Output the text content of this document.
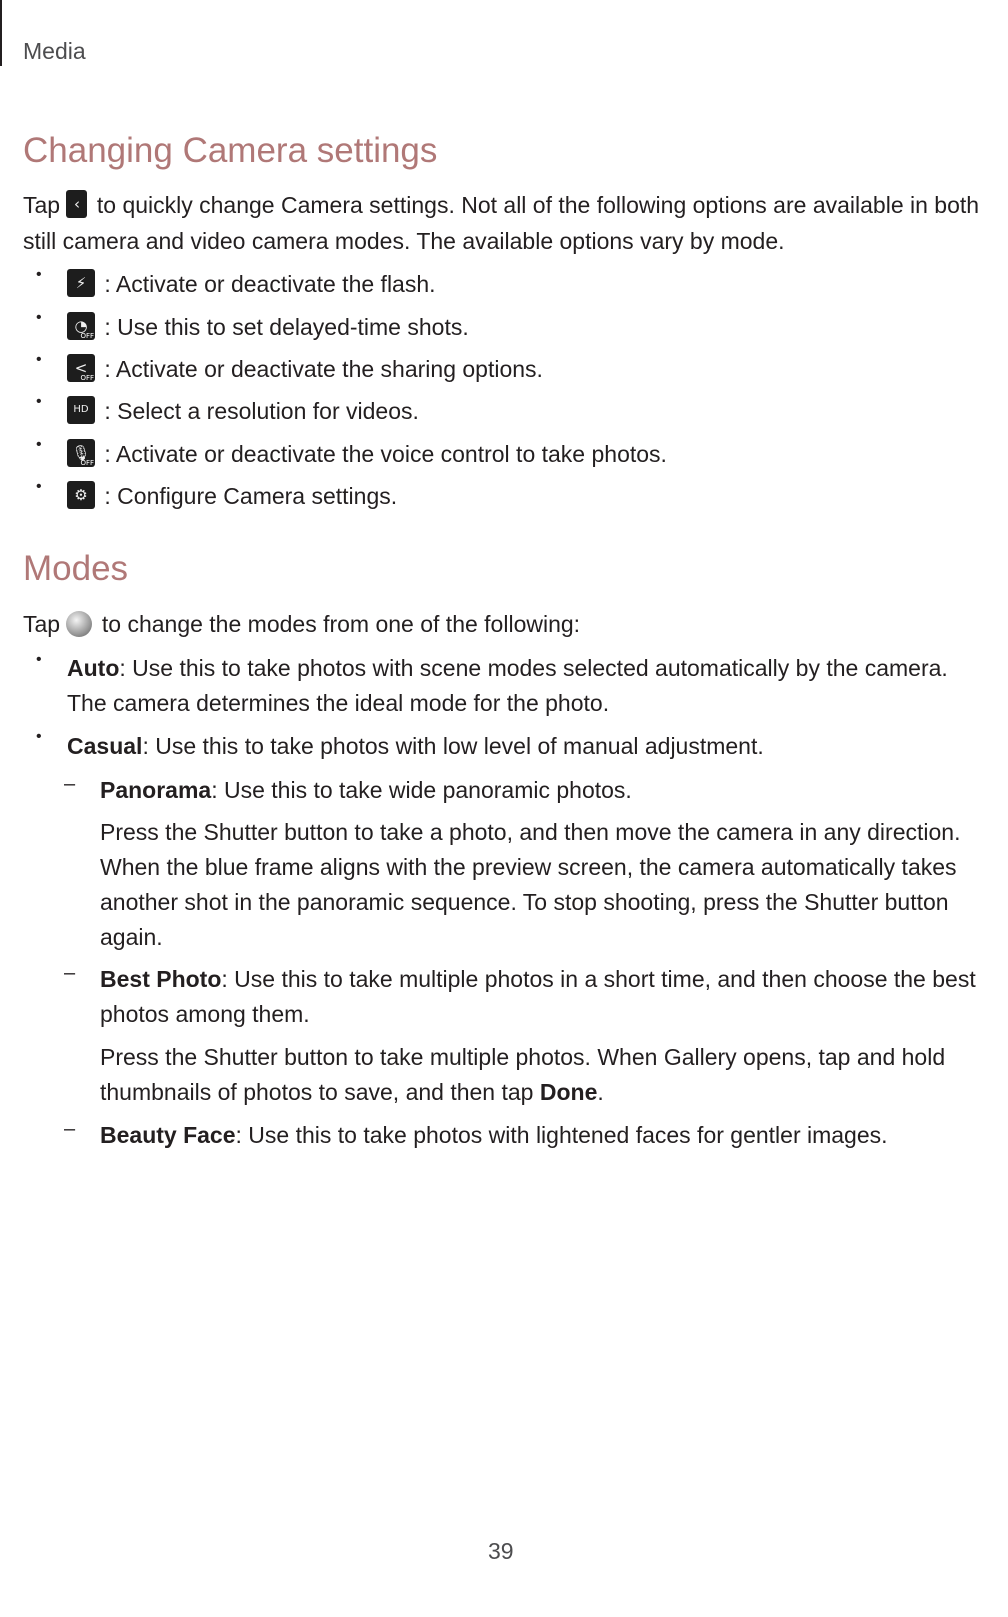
Media
Changing Camera settings

Tap ‹ to quickly change Camera settings. Not all of the following options are available in both still camera and video camera modes. The available options vary by mode.

•	⚡ : Activate or deactivate the flash.
•	◔
OFF : Use this to set delayed-time shots.
•	<
OFF : Activate or deactivate the sharing options.
•	HD : Select a resolution for videos.
• 🎙
OFF : Activate or deactivate the voice control to take photos.
•	⚙ : Configure Camera settings.
Modes

Tap  to change the modes from one of the following:

• Auto: Use this to take photos with scene modes selected automatically by the camera. The camera determines the ideal mode for the photo.
• Casual: Use this to take photos with low level of manual adjustment.
– Panorama: Use this to take wide panoramic photos.
Press the Shutter button to take a photo, and then move the camera in any direction. When the blue frame aligns with the preview screen, the camera automatically takes another shot in the panoramic sequence. To stop shooting, press the Shutter button again.
– Best Photo: Use this to take multiple photos in a short time, and then choose the best photos among them.
Press the Shutter button to take multiple photos. When Gallery opens, tap and hold thumbnails of photos to save, and then tap Done.
– Beauty Face: Use this to take photos with lightened faces for gentler images.
39
